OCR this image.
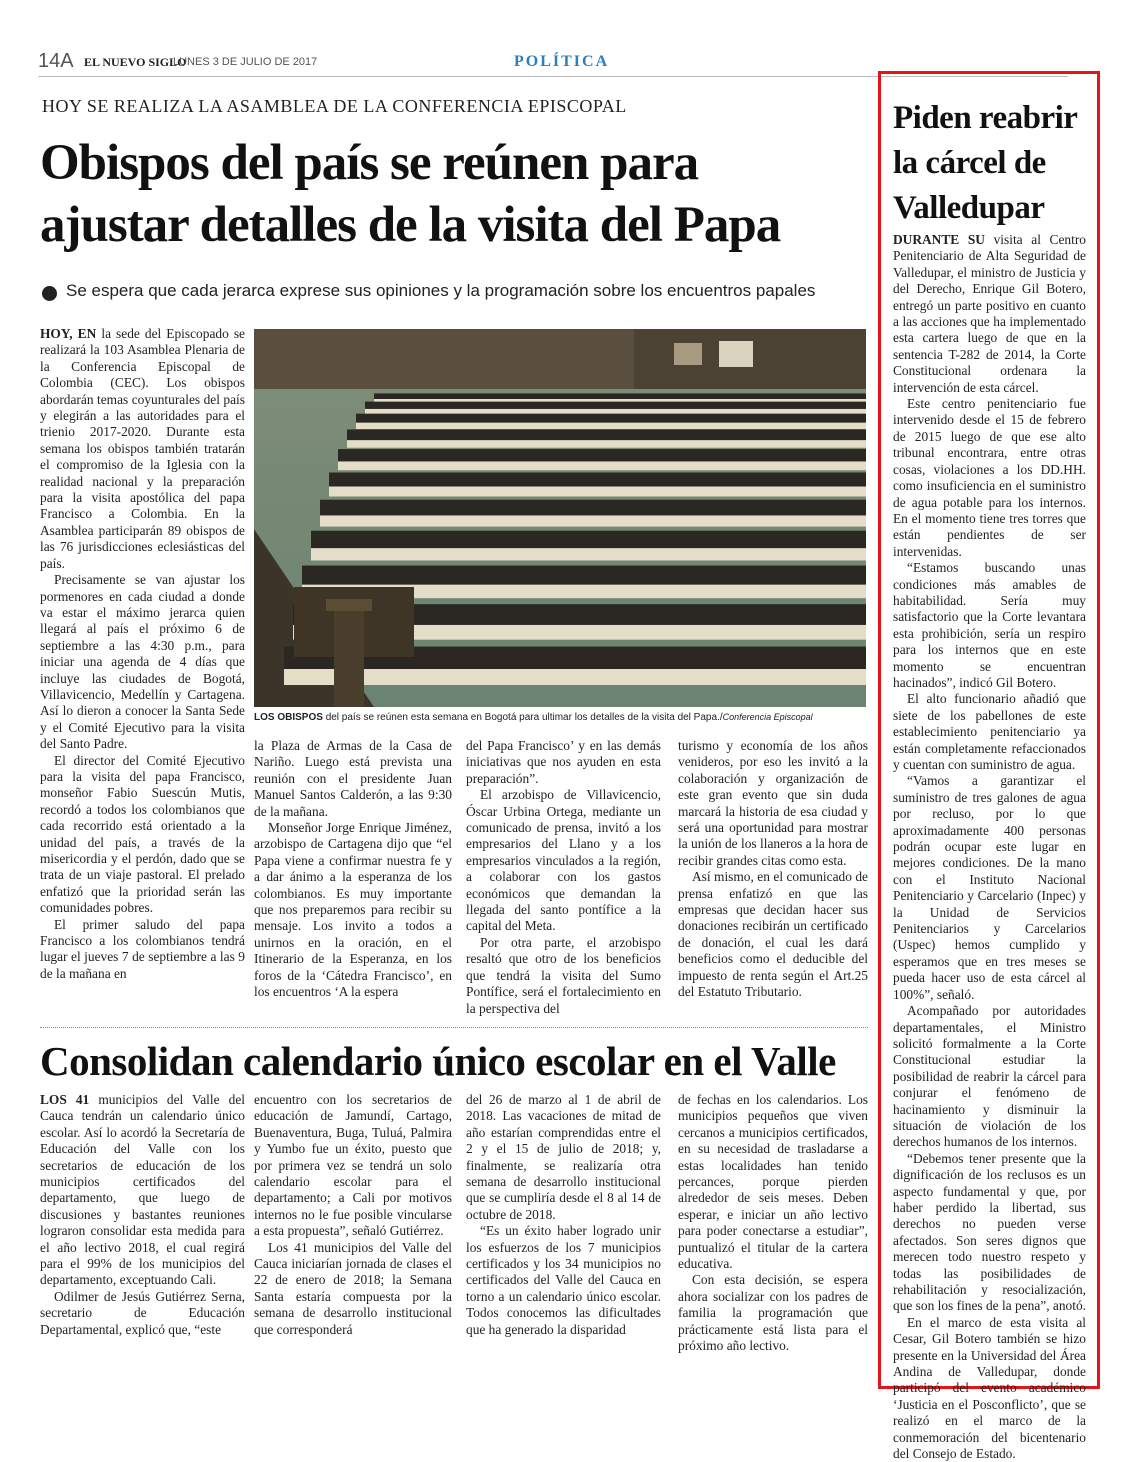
14A EL NUEVO SIGLO
LUNES 3 DE JULIO DE 2017	POLÍTICA
HOY SE REALIZA LA ASAMBLEA DE LA CONFERENCIA EPISCOPAL
Obispos del país se reúnen para
ajustar detalles de la visita del Papa
Se espera que cada jerarca exprese sus opiniones y la programación sobre los encuentros papales

HOY, EN la sede del Episcopado se realizará la 103 Asamblea Plenaria de la Conferencia Episcopal de Colombia (CEC). Los obispos abordarán temas coyunturales del país y elegirán a las autoridades para el trienio 2017-2020. Durante esta semana los obispos también tratarán el compromiso de la Iglesia con la realidad nacional y la preparación para la visita apostólica del papa Francisco a Colombia. En la Asamblea participarán 89 obispos de las 76 jurisdicciones eclesiásticas del país.

Precisamente se van ajustar los pormenores en cada ciudad a donde va estar el máximo jerarca quien llegará al país el próximo 6 de septiembre a las 4:30 p.m., para iniciar una agenda de 4 días que incluye las ciudades de Bogotá, Villavicencio, Medellín y Cartagena. Así lo dieron a conocer la Santa Sede y el Comité Ejecutivo para la visita del Santo Padre.

El director del Comité Ejecutivo para la visita del papa Francisco, monseñor Fabio Suescún Mutis, recordó a todos los colombianos que cada recorrido está orientado a la unidad del país, a través de la misericordia y el perdón, dado que se trata de un viaje pastoral. El prelado enfatizó que la prioridad serán las comunidades pobres.

El primer saludo del papa Francisco a los colombianos tendrá lugar el jueves 7 de septiembre a las 9 de la mañana en

LOS OBISPOS del país se reúnen esta semana en Bogotá para ultimar los detalles de la visita del Papa./Conferencia Episcopal

la Plaza de Armas de la Casa de Nariño. Luego está prevista una reunión con el presidente Juan Manuel Santos Calderón, a las 9:30 de la mañana.

Monseñor Jorge Enrique Jiménez, arzobispo de Cartagena dijo que “el Papa viene a confirmar nuestra fe y a dar ánimo a la esperanza de los colombianos. Es muy importante que nos preparemos para recibir su mensaje. Los invito a todos a unirnos en la oración, en el Itinerario de la Esperanza, en los foros de la ‘Cátedra Francisco’, en los encuentros ‘A la espera

del Papa Francisco’ y en las demás iniciativas que nos ayuden en esta preparación”.

El arzobispo de Villavicencio, Óscar Urbina Ortega, mediante un comunicado de prensa, invitó a los empresarios del Llano y a los empresarios vinculados a la región, a colaborar con los gastos económicos que demandan la llegada del santo pontífice a la capital del Meta.

Por otra parte, el arzobispo resaltó que otro de los beneficios que tendrá la visita del Sumo Pontífice, será el fortalecimiento en la perspectiva del

turismo y economía de los años venideros, por eso les invitó a la colaboración y organización de este gran evento que sin duda marcará la historia de esa ciudad y será una oportunidad para mostrar la unión de los llaneros a la hora de recibir grandes citas como esta.

Así mismo, en el comunicado de prensa enfatizó en que las empresas que decidan hacer sus donaciones recibirán un certificado de donación, el cual les dará beneficios como el deducible del impuesto de renta según el Art.25 del Estatuto Tributario.

Consolidan calendario único escolar en el Valle

LOS 41 municipios del Valle del Cauca tendrán un calendario único escolar. Así lo acordó la Secretaría de Educación del Valle con los secretarios de educación de los municipios certificados del departamento, que luego de discusiones y bastantes reuniones lograron consolidar esta medida para el año lectivo 2018, el cual regirá para el 99% de los municipios del departamento, exceptuando Cali.

Odilmer de Jesús Gutiérrez Serna, secretario de Educación Departamental, explicó que, “este

encuentro con los secretarios de educación de Jamundí, Cartago, Buenaventura, Buga, Tuluá, Palmira y Yumbo fue un éxito, puesto que por primera vez se tendrá un solo calendario escolar para el departamento; a Cali por motivos internos no le fue posible vincularse a esta propuesta”, señaló Gutiérrez.

Los 41 municipios del Valle del Cauca iniciarían jornada de clases el 22 de enero de 2018; la Semana Santa estaría compuesta por la semana de desarrollo institucional que corresponderá

del 26 de marzo al 1 de abril de 2018. Las vacaciones de mitad de año estarían comprendidas entre el 2 y el 15 de julio de 2018; y, finalmente, se realizaría otra semana de desarrollo institucional que se cumpliría desde el 8 al 14 de octubre de 2018.

“Es un éxito haber logrado unir los esfuerzos de los 7 municipios certificados y los 34 municipios no certificados del Valle del Cauca en torno a un calendario único escolar. Todos conocemos las dificultades que ha generado la disparidad

de fechas en los calendarios. Los municipios pequeños que viven cercanos a municipios certificados, en su necesidad de trasladarse a estas localidades han tenido percances, porque pierden alrededor de seis meses. Deben esperar, e iniciar un año lectivo para poder conectarse a estudiar”, puntualizó el titular de la cartera educativa.

Con esta decisión, se espera ahora socializar con los padres de familia la programación que prácticamente está lista para el próximo año lectivo.

Piden reabrir
la cárcel de
Valledupar

DURANTE SU visita al Centro Penitenciario de Alta Seguridad de Valledupar, el ministro de Justicia y del Derecho, Enrique Gil Botero, entregó un parte positivo en cuanto a las acciones que ha implementado esta cartera luego de que en la sentencia T-282 de 2014, la Corte Constitucional ordenara la intervención de esta cárcel.

Este centro penitenciario fue intervenido desde el 15 de febrero de 2015 luego de que ese alto tribunal encontrara, entre otras cosas, violaciones a los DD.HH. como insuficiencia en el suministro de agua potable para los internos. En el momento tiene tres torres que están pendientes de ser intervenidas.

“Estamos buscando unas condiciones más amables de habitabilidad. Sería muy satisfactorio que la Corte levantara esta prohibición, sería un respiro para los internos que en este momento se encuentran hacinados”, indicó Gil Botero.

El alto funcionario añadió que siete de los pabellones de este establecimiento penitenciario ya están completamente refaccionados y cuentan con suministro de agua.

“Vamos a garantizar el suministro de tres galones de agua por recluso, por lo que aproximadamente 400 personas podrán ocupar este lugar en mejores condiciones. De la mano con el Instituto Nacional Penitenciario y Carcelario (Inpec) y la Unidad de Servicios Penitenciarios y Carcelarios (Uspec) hemos cumplido y esperamos que en tres meses se pueda hacer uso de esta cárcel al 100%”, señaló.

Acompañado por autoridades departamentales, el Ministro solicitó formalmente a la Corte Constitucional estudiar la posibilidad de reabrir la cárcel para conjurar el fenómeno de hacinamiento y disminuir la situación de violación de los derechos humanos de los internos.

“Debemos tener presente que la dignificación de los reclusos es un aspecto fundamental y que, por haber perdido la libertad, sus derechos no pueden verse afectados. Son seres dignos que merecen todo nuestro respeto y todas las posibilidades de rehabilitación y resocialización, que son los fines de la pena”, anotó.

En el marco de esta visita al Cesar, Gil Botero también se hizo presente en la Universidad del Área Andina de Valledupar, donde participó del evento académico ‘Justicia en el Posconflicto’, que se realizó en el marco de la conmemoración del bicentenario del Consejo de Estado.
